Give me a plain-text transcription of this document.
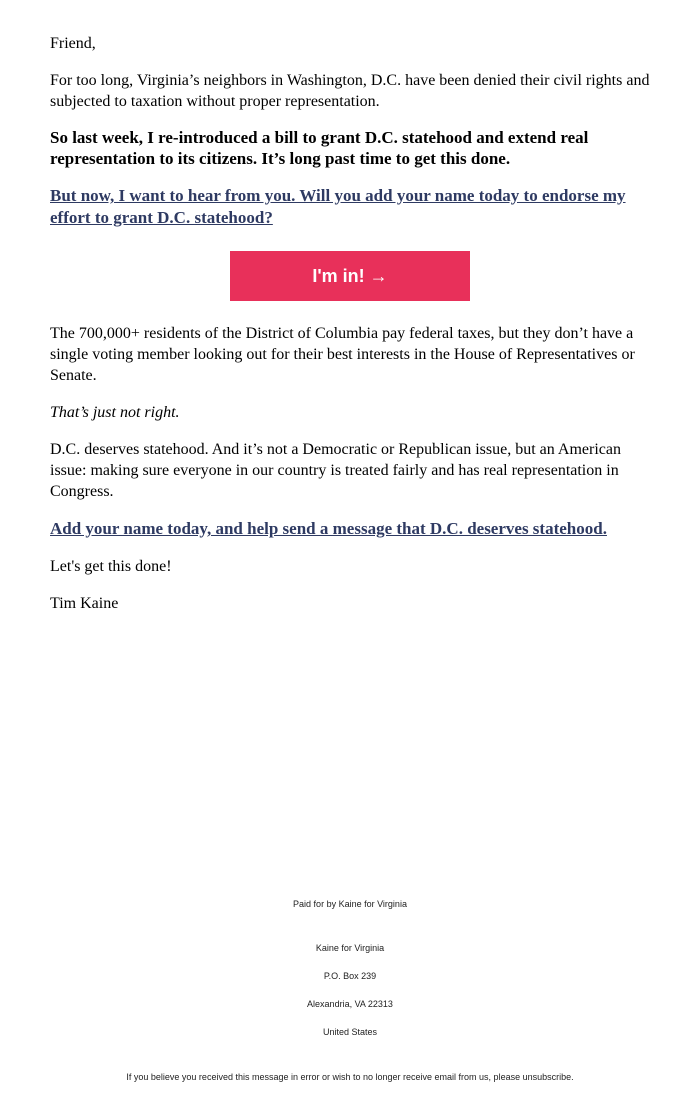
Friend,

For too long, Virginia’s neighbors in Washington, D.C. have been denied their civil rights and subjected to taxation without proper representation.

So last week, I re-introduced a bill to grant D.C. statehood and extend real representation to its citizens. It’s long past time to get this done.

But now, I want to hear from you. Will you add your name today to endorse my effort to grant D.C. statehood?

I'm in! →

The 700,000+ residents of the District of Columbia pay federal taxes, but they don’t have a single voting member looking out for their best interests in the House of Representatives or Senate.

That’s just not right.

D.C. deserves statehood. And it’s not a Democratic or Republican issue, but an American issue: making sure everyone in our country is treated fairly and has real representation in Congress.

Add your name today, and help send a message that D.C. deserves statehood.

Let's get this done!

Tim Kaine

Paid for by Kaine for Virginia
Kaine for Virginia
P.O. Box 239
Alexandria, VA 22313
United States
If you believe you received this message in error or wish to no longer receive email from us, please unsubscribe.
